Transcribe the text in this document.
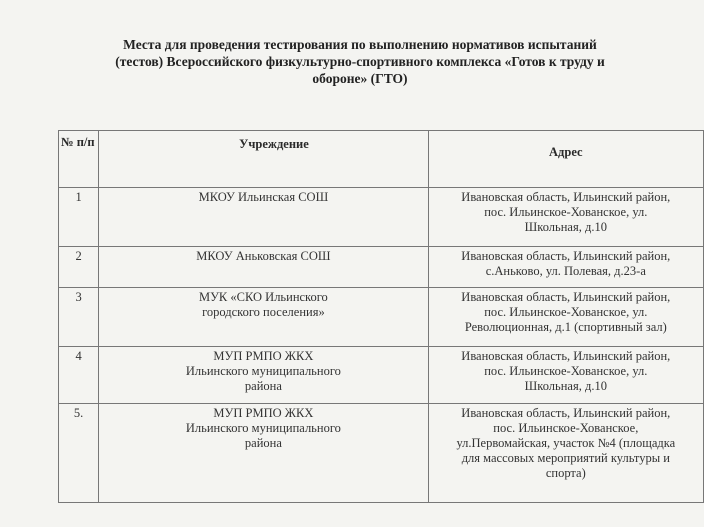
Места для проведения тестирования по выполнению нормативов испытаний
(тестов) Всероссийского физкультурно-спортивного комплекса «Готов к труду и
обороне» (ГТО)
№ п/п	Учреждение	Адрес
1	МКОУ Ильинская СОШ	Ивановская область, Ильинский район,
пос. Ильинское-Хованское, ул.
Школьная, д.10

2	МКОУ Аньковская СОШ	Ивановская область, Ильинский район,
с.Аньково, ул. Полевая, д.23-а

3	МУК «СКО Ильинского
городского поселения»	Ивановская область, Ильинский район,
пос. Ильинское-Хованское, ул.
Революционная, д.1 (спортивный зал)

4	МУП РМПО ЖКХ
Ильинского муниципального
района	Ивановская область, Ильинский район,
пос. Ильинское-Хованское, ул.
Школьная, д.10

5.	МУП РМПО ЖКХ
Ильинского муниципального
района	Ивановская область, Ильинский район,
пос. Ильинское-Хованское,
ул.Первомайская, участок №4 (площадка
для массовых мероприятий культуры и
спорта)
